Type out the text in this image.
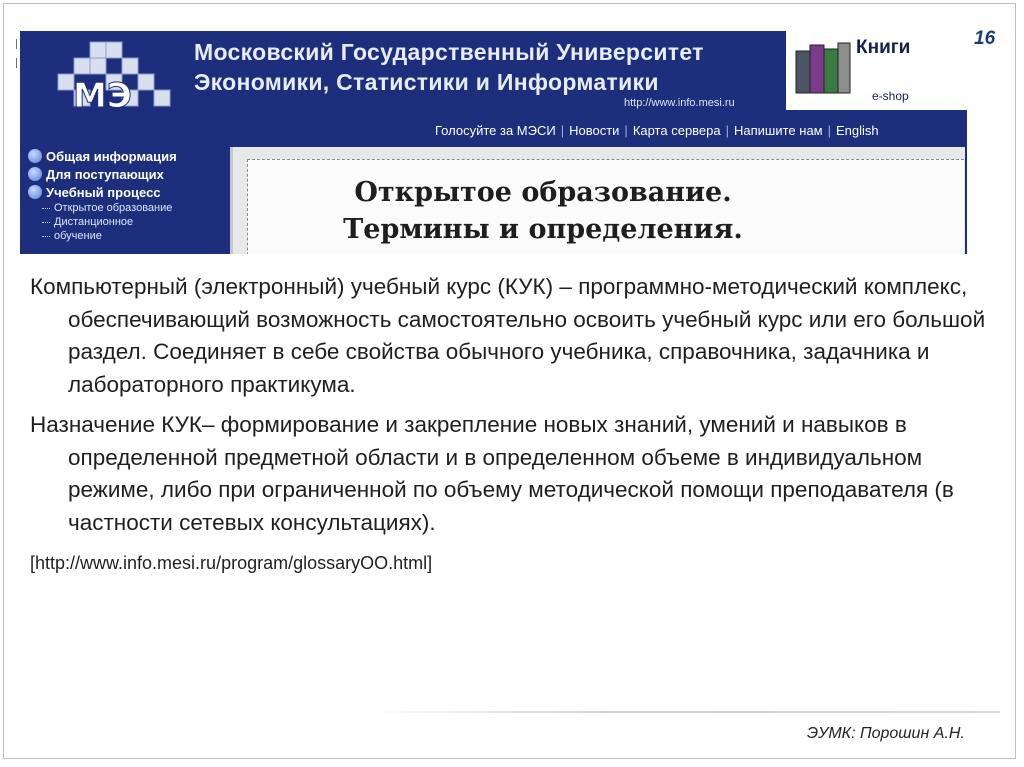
16
МЭ
Московский Государственный Университет
Экономики, Статистики и Информатики
http://www.info.mesi.ru
Книги
e-shop
Голосуйте за МЭСИ | Новости | Карта сервера | Напишите нам | English
Общая информация
Для поступающих
Учебный процесс
Открытое образование
Дистанционное
обучение
Открытое образование.
Термины и определения.

Компьютерный (электронный) учебный курс (КУК) – программно-методический комплекс, обеспечивающий возможность самостоятельно освоить учебный курс или его большой раздел. Соединяет в себе свойства обычного учебника, справочника, задачника и лабораторного практикума.

Назначение КУК– формирование и закрепление новых знаний, умений и навыков в определенной предметной области и в определенном объеме в индивидуальном режиме, либо при ограниченной по объему методической помощи преподавателя (в частности сетевых консультациях).

[http://www.info.mesi.ru/program/glossaryOO.html]
ЭУМК: Порошин А.Н.
